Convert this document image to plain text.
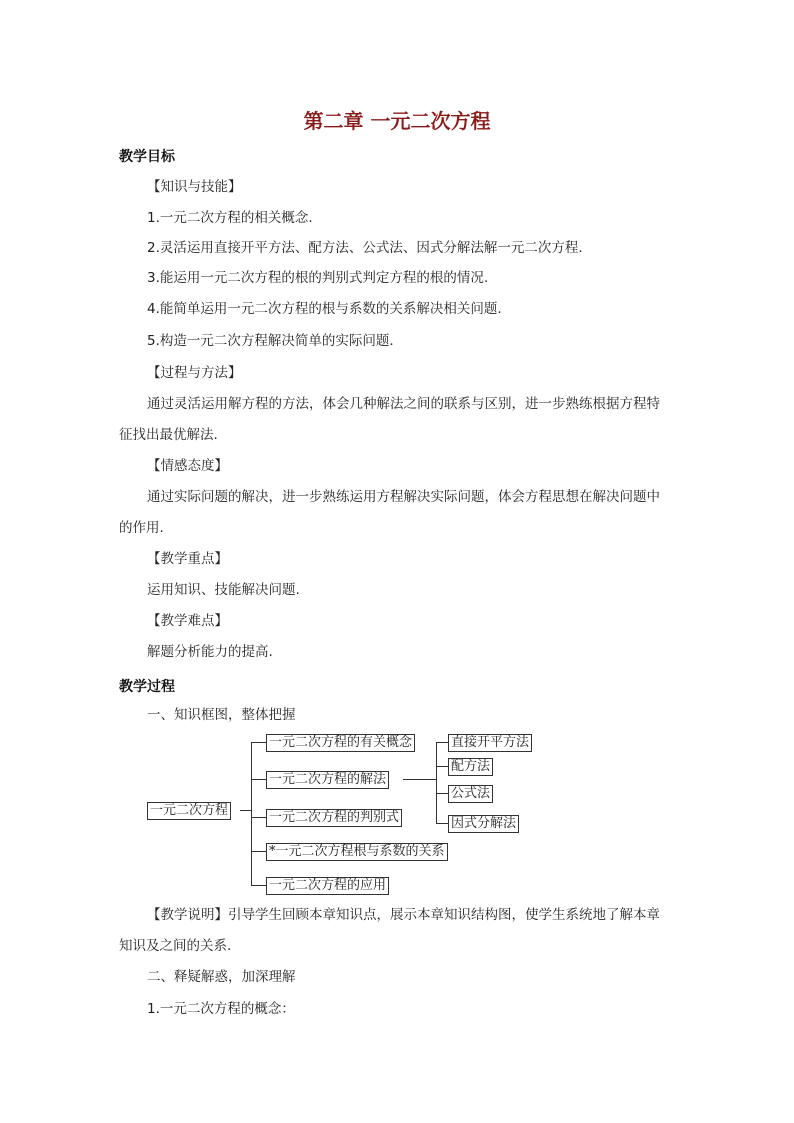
第二章 一元二次方程
教学目标
【知识与技能】
1.一元二次方程的相关概念.
2.灵活运用直接开平方法、配方法、公式法、因式分解法解一元二次方程.
3.能运用一元二次方程的根的判别式判定方程的根的情况.
4.能简单运用一元二次方程的根与系数的关系解决相关问题.
5.构造一元二次方程解决简单的实际问题.
【过程与方法】
通过灵活运用解方程的方法，体会几种解法之间的联系与区别，进一步熟练根据方程特
征找出最优解法.
【情感态度】
通过实际问题的解决，进一步熟练运用方程解决实际问题，体会方程思想在解决问题中
的作用.
【教学重点】
运用知识、技能解决问题.
【教学难点】
解题分析能力的提高.
教学过程
一、知识框图，整体把握
一元二次方程
一元二次方程的有关概念
一元二次方程的解法
一元二次方程的判别式
*一元二次方程根与系数的关系
一元二次方程的应用
直接开平方法
配方法
公式法
因式分解法
【教学说明】引导学生回顾本章知识点，展示本章知识结构图，使学生系统地了解本章
知识及之间的关系.
二、释疑解惑，加深理解
1.一元二次方程的概念：
